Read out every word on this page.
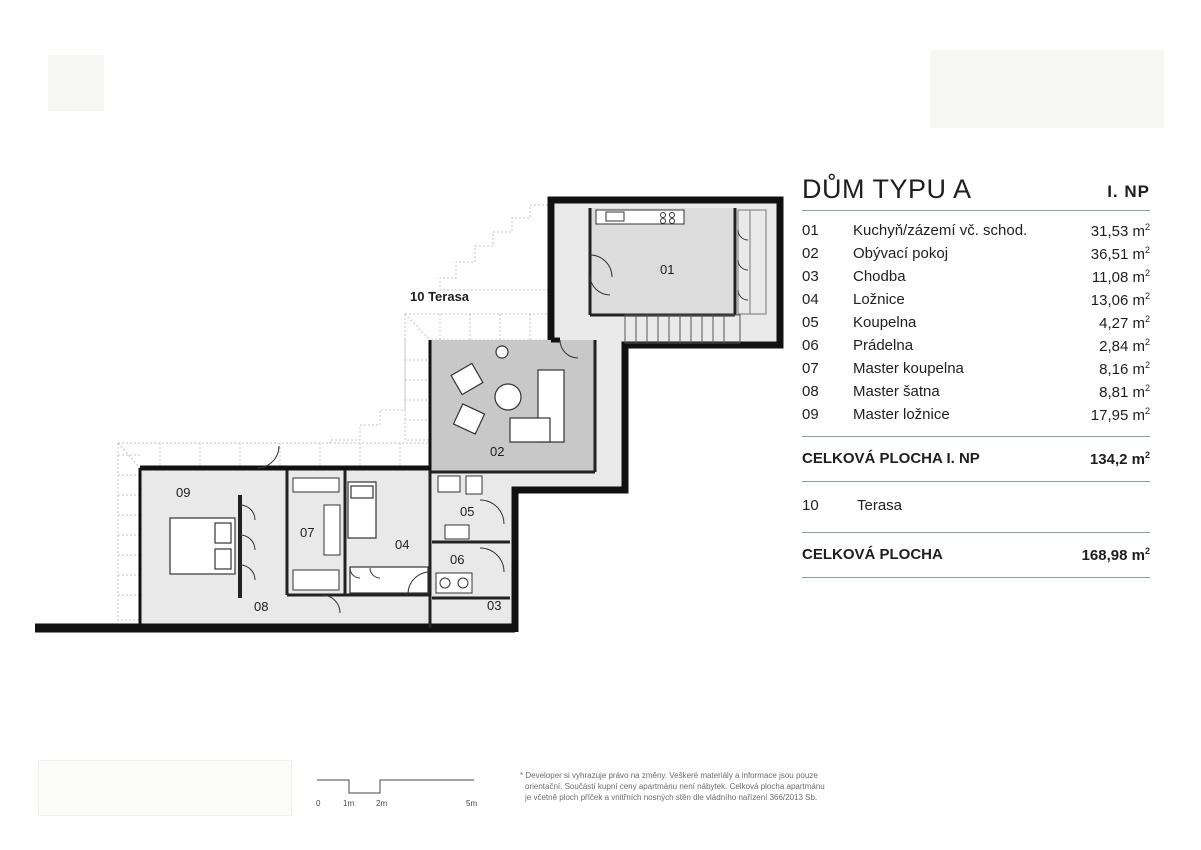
01
02
03
04
05
06
07
08
09
10 Terasa
DŮM TYPU A	I. NP
01 Kuchyň/zázemí vč. schod.	31,53 $m^2$
02 Obývací pokoj	36,51 $m^2$
03 Chodba	11,08 $m^2$
04 Ložnice	13,06 $m^2$
05 Koupelna	4,27 $m^2$
06 Prádelna	2,84 $m^2$
07 Master koupelna	8,16 $m^2$
08 Master šatna	8,81 $m^2$
09 Master ložnice	17,95 $m^2$
CELKOVÁ PLOCHA I. NP	134,2 $m^2$
10	Terasa
CELKOVÁ PLOCHA	168,98 $m^2$
0	1m	2m	5m
* Developer si vyhrazuje právo na změny. Veškeré materiály a informace jsou pouze
orientační. Součástí kupní ceny apartmánu není nábytek. Celková plocha apartmánu
je včetně ploch příček a vnitřních nosných stěn dle vládního nařízení 366/2013 Sb.
